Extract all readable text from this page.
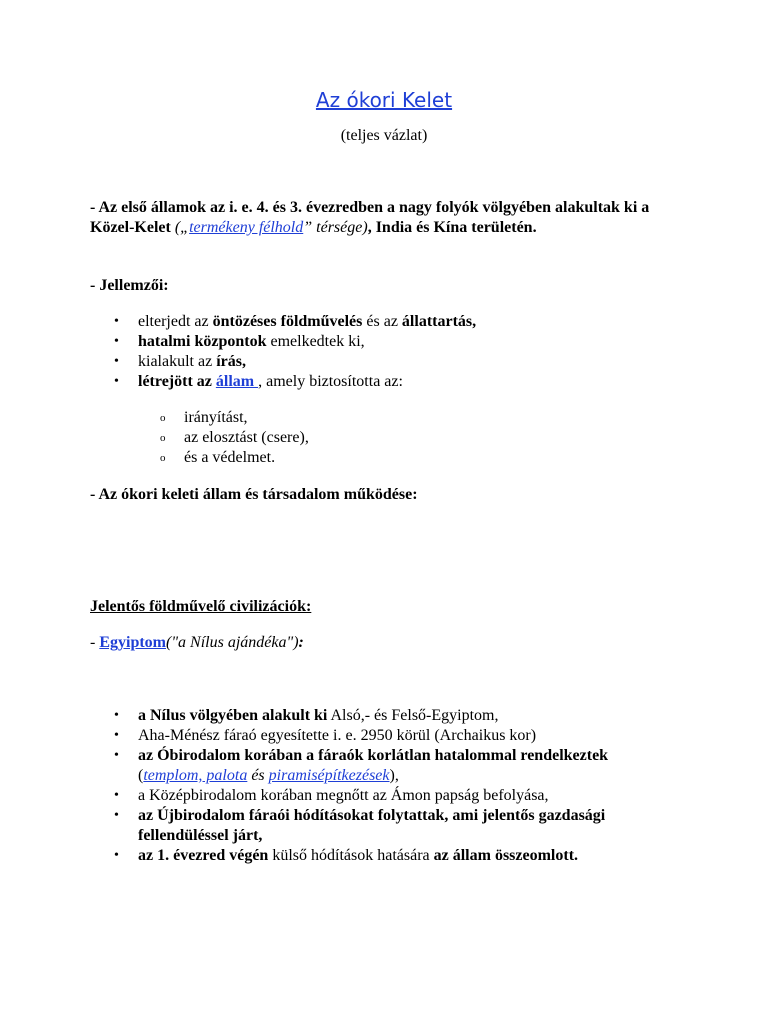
Az ókori Kelet
(teljes vázlat)
- Az első államok az i. e. 4. és 3. évezredben a nagy folyók völgyében alakultak ki a Közel-Kelet („termékeny félhold” térsége), India és Kína területén.
- Jellemzői:
• elterjedt az öntözéses földművelés és az állattartás,
• hatalmi központok emelkedtek ki,
• kialakult az írás,
• létrejött az állam , amely biztosította az:
o irányítást,
o az elosztást (csere),
o és a védelmet.
- Az ókori keleti állam és társadalom működése:
Jelentős földművelő civilizációk:
- Egyiptom("a Nílus ajándéka"):
• a Nílus völgyében alakult ki Alsó,- és Felső-Egyiptom,
• Aha-Ménész fáraó egyesítette i. e. 2950 körül (Archaikus kor)
• az Óbirodalom korában a fáraók korlátlan hatalommal rendelkeztek (templom, palota és piramisépítkezések),
• a Középbirodalom korában megnőtt az Ámon papság befolyása,
• az Újbirodalom fáraói hódításokat folytattak, ami jelentős gazdasági fellendüléssel járt,
• az 1. évezred végén külső hódítások hatására az állam összeomlott.
